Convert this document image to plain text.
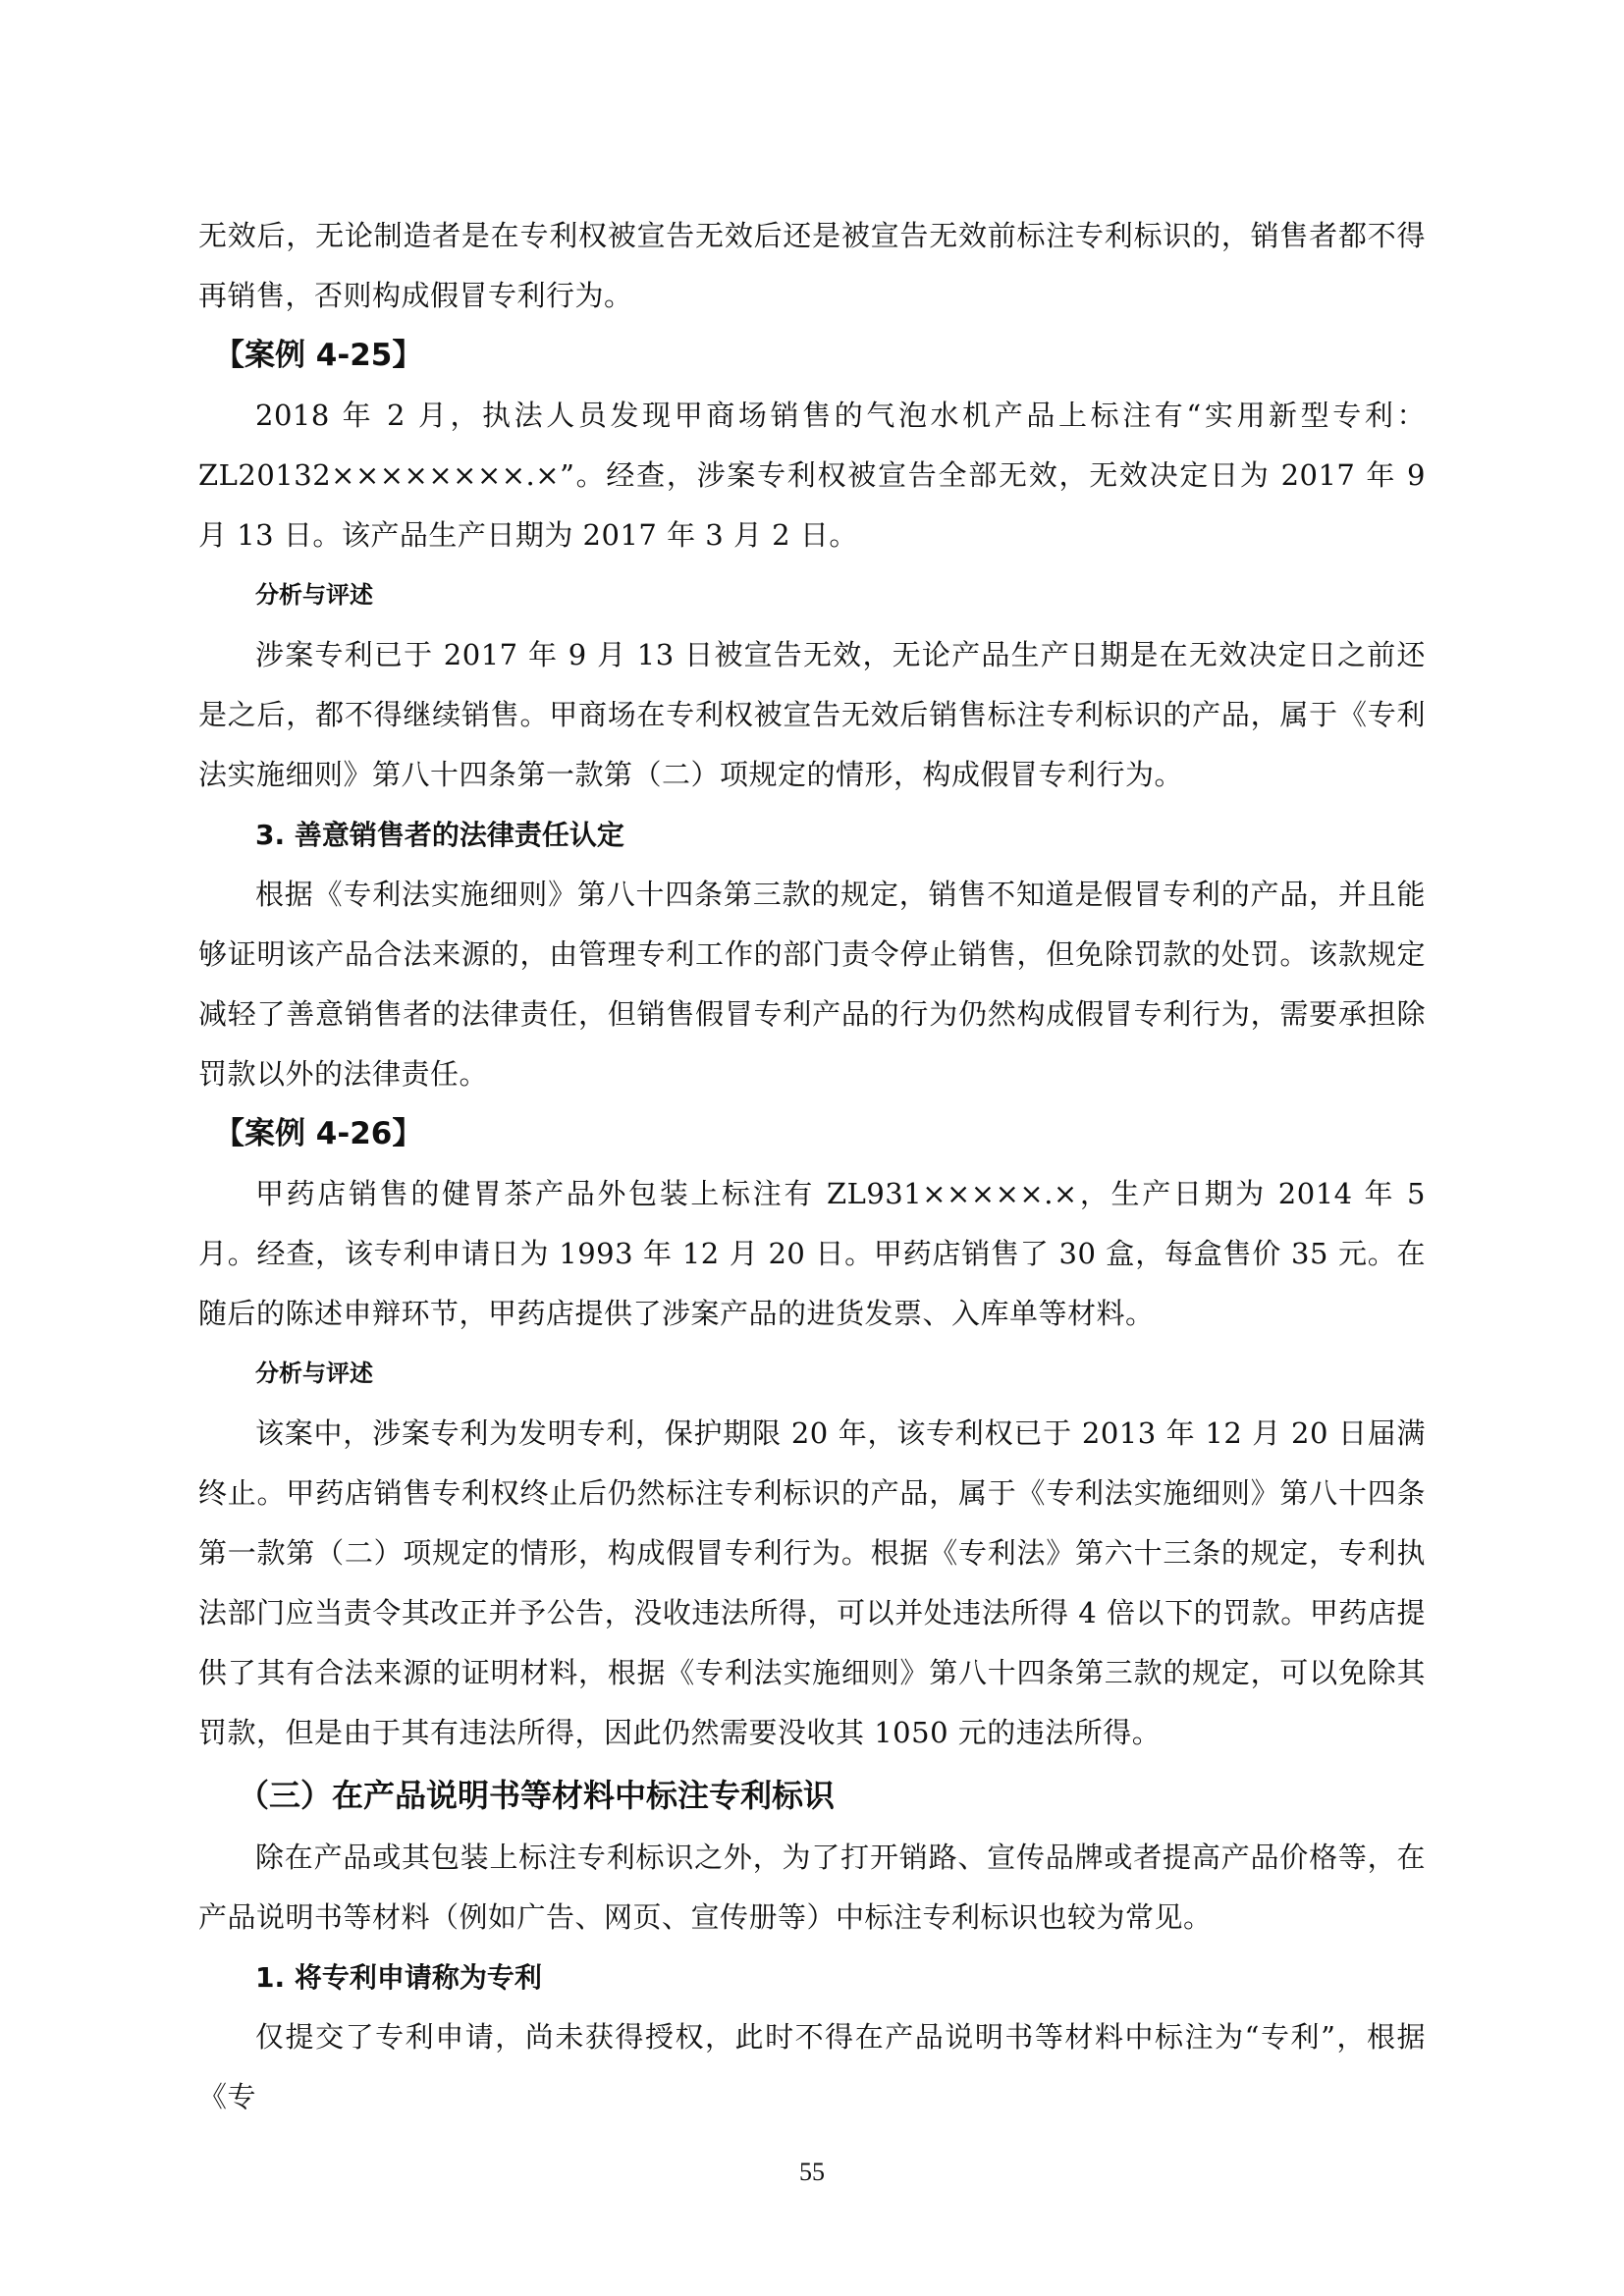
无效后，无论制造者是在专利权被宣告无效后还是被宣告无效前标注专利标识的，销售者都不得再销售，否则构成假冒专利行为。

【案例 4-25】

2018 年 2 月，执法人员发现甲商场销售的气泡水机产品上标注有“实用新型专利：ZL20132××××××××.×”。经查，涉案专利权被宣告全部无效，无效决定日为 2017 年 9 月 13 日。该产品生产日期为 2017 年 3 月 2 日。

分析与评述

涉案专利已于 2017 年 9 月 13 日被宣告无效，无论产品生产日期是在无效决定日之前还是之后，都不得继续销售。甲商场在专利权被宣告无效后销售标注专利标识的产品，属于《专利法实施细则》第八十四条第一款第（二）项规定的情形，构成假冒专利行为。

3. 善意销售者的法律责任认定

根据《专利法实施细则》第八十四条第三款的规定，销售不知道是假冒专利的产品，并且能够证明该产品合法来源的，由管理专利工作的部门责令停止销售，但免除罚款的处罚。该款规定减轻了善意销售者的法律责任，但销售假冒专利产品的行为仍然构成假冒专利行为，需要承担除罚款以外的法律责任。

【案例 4-26】

甲药店销售的健胃茶产品外包装上标注有 ZL931×××××.×，生产日期为 2014 年 5 月。经查，该专利申请日为 1993 年 12 月 20 日。甲药店销售了 30 盒，每盒售价 35 元。在随后的陈述申辩环节，甲药店提供了涉案产品的进货发票、入库单等材料。

分析与评述

该案中，涉案专利为发明专利，保护期限 20 年，该专利权已于 2013 年 12 月 20 日届满终止。甲药店销售专利权终止后仍然标注专利标识的产品，属于《专利法实施细则》第八十四条第一款第（二）项规定的情形，构成假冒专利行为。根据《专利法》第六十三条的规定，专利执法部门应当责令其改正并予公告，没收违法所得，可以并处违法所得 4 倍以下的罚款。甲药店提供了其有合法来源的证明材料，根据《专利法实施细则》第八十四条第三款的规定，可以免除其罚款，但是由于其有违法所得，因此仍然需要没收其 1050 元的违法所得。

（三）在产品说明书等材料中标注专利标识

除在产品或其包装上标注专利标识之外，为了打开销路、宣传品牌或者提高产品价格等，在产品说明书等材料（例如广告、网页、宣传册等）中标注专利标识也较为常见。

1. 将专利申请称为专利

仅提交了专利申请，尚未获得授权，此时不得在产品说明书等材料中标注为“专利”，根据《专

55
